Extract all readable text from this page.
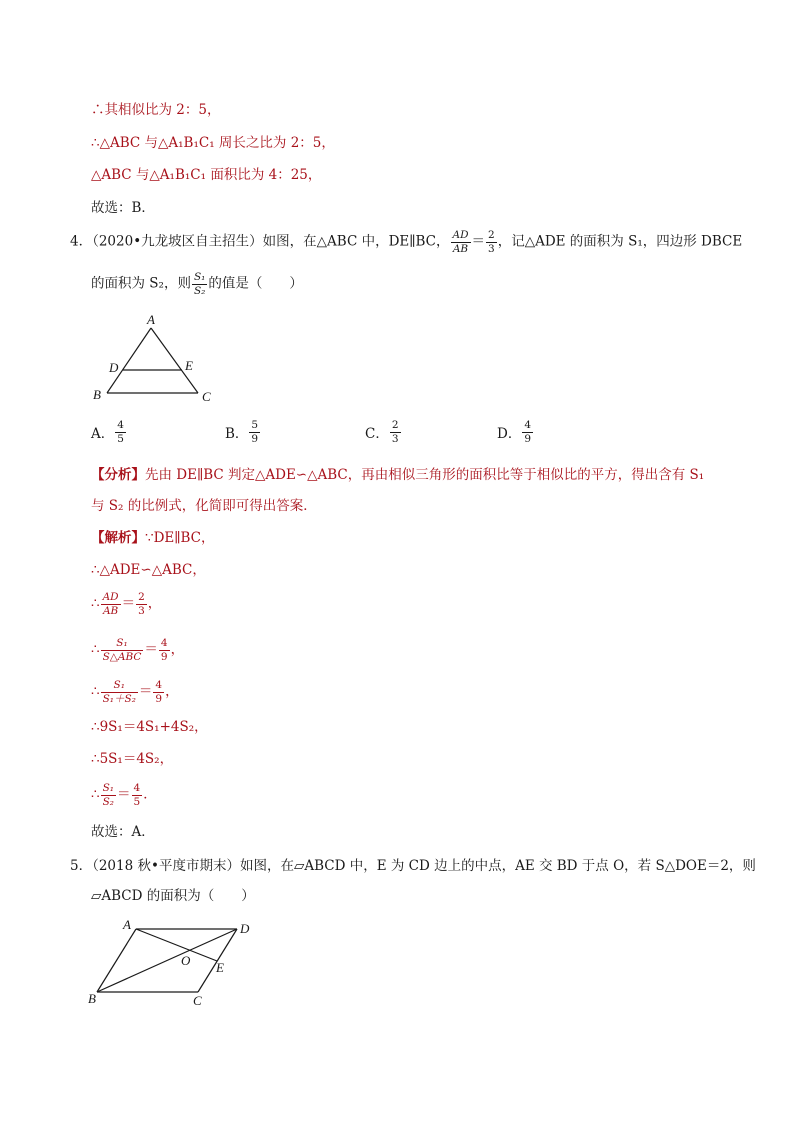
∴其相似比为 2：5，
∴△ABC 与△A₁B₁C₁ 周长之比为 2：5，
△ABC 与△A₁B₁C₁ 面积比为 4：25，
故选：B．
4．（2020•九龙坡区自主招生）如图，在△ABC 中，DE∥BC， $\frac{AD}{AB} = \frac{2}{3}$ ，记△ADE 的面积为 S₁，四边形 DBCE
的面积为 S₂，则 $\frac{\text{S₁}}{\text{S₂}}$ 的值是（　　）
A
B	C
D	E
A． $\frac{4}{5}$	B． $\frac{5}{9}$	C． $\frac{2}{3}$	D． $\frac{4}{9}$
【分析】先由 DE∥BC 判定△ADE∽△ABC，再由相似三角形的面积比等于相似比的平方，得出含有 S₁
与 S₂ 的比例式，化简即可得出答案．
【解析】∵DE∥BC，
∴△ADE∽△ABC，
∴ $\frac{AD}{AB} = \frac{2}{3}$ ，
∴ $\frac{\text{S₁}}{\text{S△ABC}} = \frac{4}{9}$ ，
∴ $\frac{\text{S₁}}{\text{S₁＋S₂}} = \frac{4}{9}$ ，
∴9S₁＝4S₁+4S₂，
∴5S₁＝4S₂，
∴ $\frac{\text{S₁}}{\text{S₂}} = \frac{4}{5}$ ．
故选：A．
5．（2018 秋•平度市期末）如图，在▱ABCD 中，E 为 CD 边上的中点，AE 交 BD 于点 O，若 S△DOE＝2，则
▱ABCD 的面积为（　　）
A
B	C
D
E
O
